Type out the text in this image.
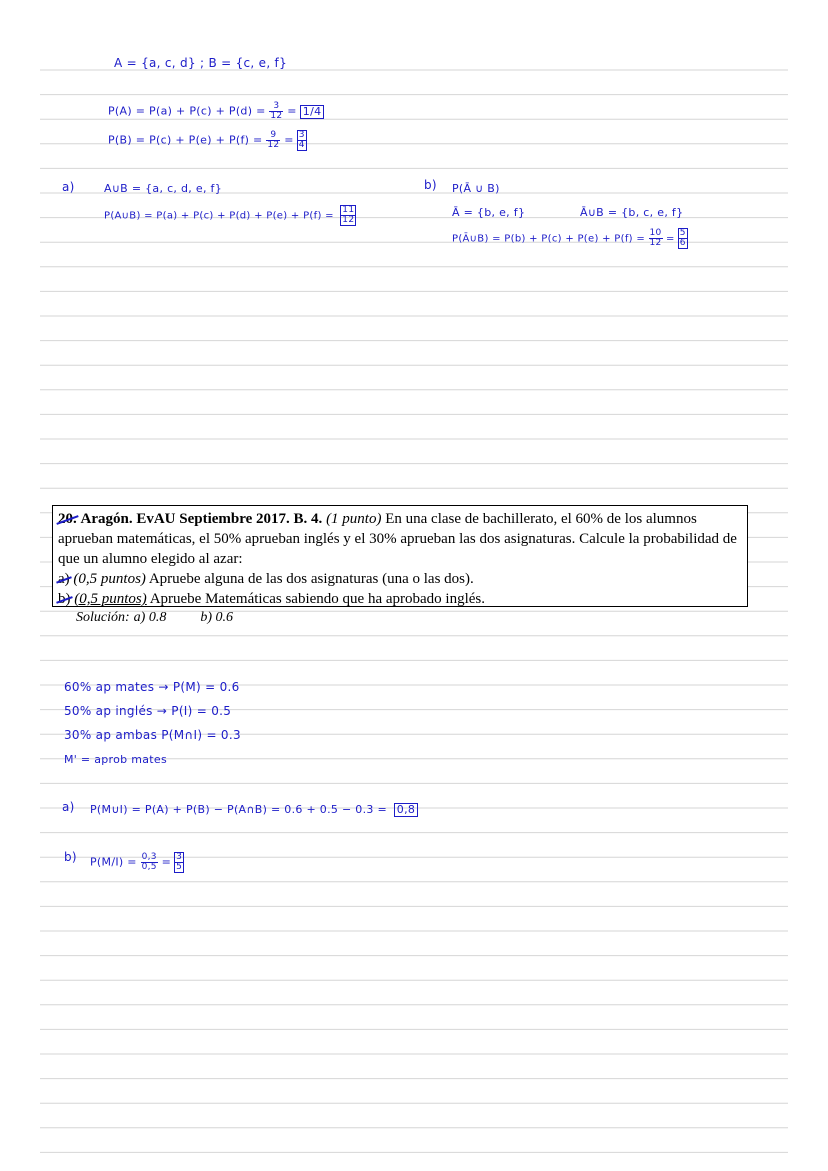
A = {a, c, d} ; B = {c, e, f}
$P(A) = P(a) + P(c) + P(d) = \frac{3}{12} = 1/4$
$P(B) = P(c) + P(e) + P(f) = \frac{9}{12} = \frac{3}{4}$
a)	A∪B = {a, c, d, e, f}
P(A∪B) = $P(a) + P(c) + P(d) + P(e) + P(f) = \frac{11}{12}$
b) P(Ā ∪ B)
Ā = {b, e, f}	Ā∪B = {b, c, e, f}
P(Ā∪B) = $P(b) + P(c) + P(e) + P(f) = \frac{10}{12} = \frac{5}{6}$
20. Aragón. EvAU Septiembre 2017. B. 4. (1 punto) En una clase de bachillerato, el 60% de los alumnos aprueban matemáticas, el 50% aprueban inglés y el 30% aprueban las dos asignaturas. Calcule la probabilidad de que un alumno elegido al azar:
a) (0,5 puntos) Apruebe alguna de las dos asignaturas (una o las dos).
b) (0,5 puntos) Apruebe Matemáticas sabiendo que ha aprobado inglés.
Solución: a) 0.8 b) 0.6
60% ap mates → P(M) = 0.6
50% ap inglés → P(I) = 0.5
30% ap ambas P(M∩I) = 0.3
M' = aprob mates
a) P(M∪I) = P(A) + P(B) − P(A∩B) = 0.6 + 0.5 − 0.3 = 0,8
b) $P(M/I) = \frac{0,3}{0,5} = \frac{3}{5}$
